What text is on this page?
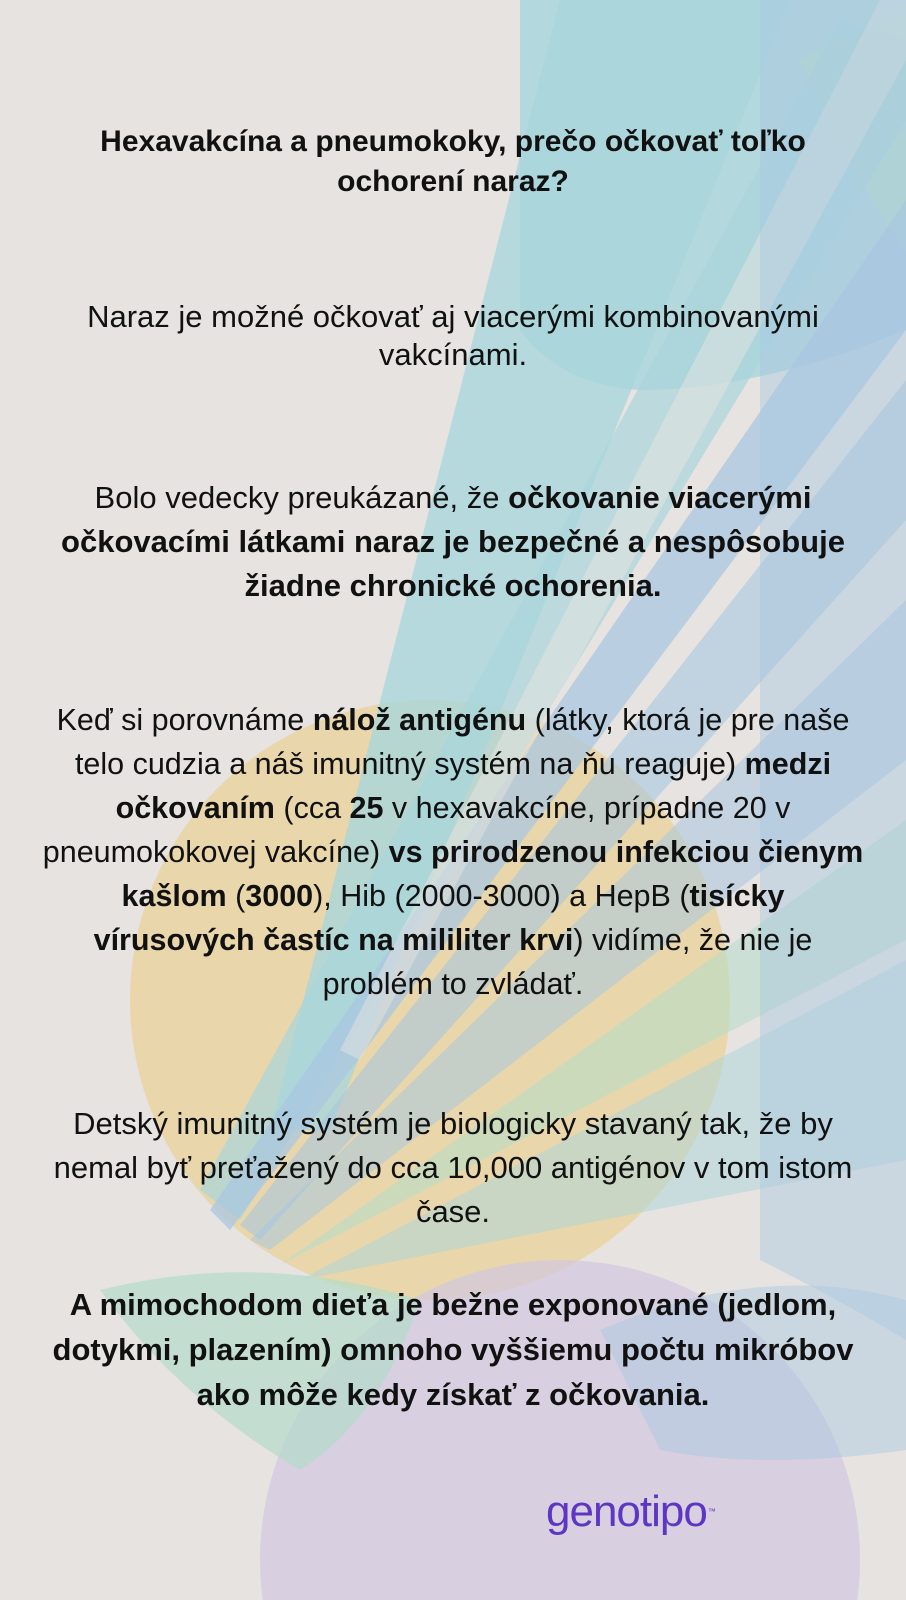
Hexavakcína a pneumokoky, prečo očkovať toľko ochorení naraz?

Naraz je možné očkovať aj viacerými kombinovanými vakcínami.

Bolo vedecky preukázané, že očkovanie viacerými očkovacími látkami naraz je bezpečné a nespôsobuje žiadne chronické ochorenia.

Keď si porovnáme nálož antigénu (látky, ktorá je pre naše telo cudzia a náš imunitný systém na ňu reaguje) medzi očkovaním (cca 25 v hexavakcíne, prípadne 20 v pneumokokovej vakcíne) vs prirodzenou infekciou čienym kašlom (3000), Hib (2000-3000) a HepB (tisícky vírusových častíc na mililiter krvi) vidíme, že nie je problém to zvládať.

Detský imunitný systém je biologicky stavaný tak, že by nemal byť preťažený do cca 10,000 antigénov v tom istom čase.

A mimochodom dieťa je bežne exponované (jedlom, dotykmi, plazením) omnoho vyššiemu počtu mikróbov ako môže kedy získať z očkovania.

genotipo™
